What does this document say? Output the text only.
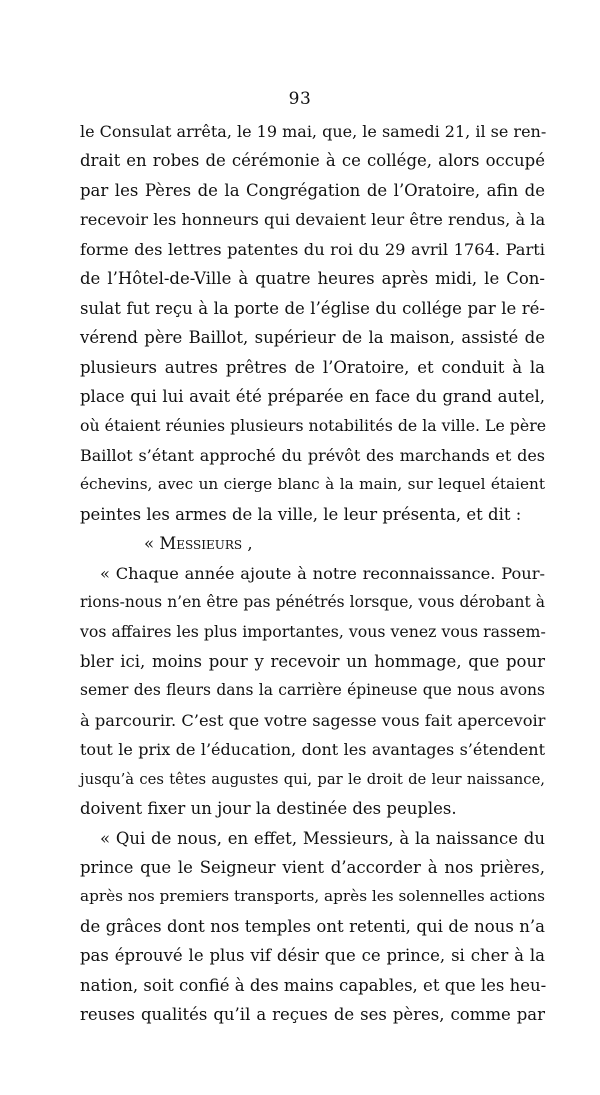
93
le Consulat arrêta, le 19 mai, que, le samedi 21, il se ren-
drait en robes de cérémonie à ce collége, alors occupé
par les Pères de la Congrégation de l’Oratoire, afin de
recevoir les honneurs qui devaient leur être rendus, à la
forme des lettres patentes du roi du 29 avril 1764. Parti
de l’Hôtel-de-Ville à quatre heures après midi, le Con-
sulat fut reçu à la porte de l’église du collége par le ré-
vérend père Baillot, supérieur de la maison, assisté de
plusieurs autres prêtres de l’Oratoire, et conduit à la
place qui lui avait été préparée en face du grand autel,
où étaient réunies plusieurs notabilités de la ville. Le père
Baillot s’étant approché du prévôt des marchands et des
échevins, avec un cierge blanc à la main, sur lequel étaient
peintes les armes de la ville, le leur présenta, et dit :
« Messieurs ,
« Chaque année ajoute à notre reconnaissance. Pour-
rions-nous n’en être pas pénétrés lorsque, vous dérobant à
vos affaires les plus importantes, vous venez vous rassem-
bler ici, moins pour y recevoir un hommage, que pour
semer des fleurs dans la carrière épineuse que nous avons
à parcourir. C’est que votre sagesse vous fait apercevoir
tout le prix de l’éducation, dont les avantages s’étendent
jusqu’à ces têtes augustes qui, par le droit de leur naissance,
doivent fixer un jour la destinée des peuples.
« Qui de nous, en effet, Messieurs, à la naissance du
prince que le Seigneur vient d’accorder à nos prières,
après nos premiers transports, après les solennelles actions
de grâces dont nos temples ont retenti, qui de nous n’a
pas éprouvé le plus vif désir que ce prince, si cher à la
nation, soit confié à des mains capables, et que les heu-
reuses qualités qu’il a reçues de ses pères, comme par
